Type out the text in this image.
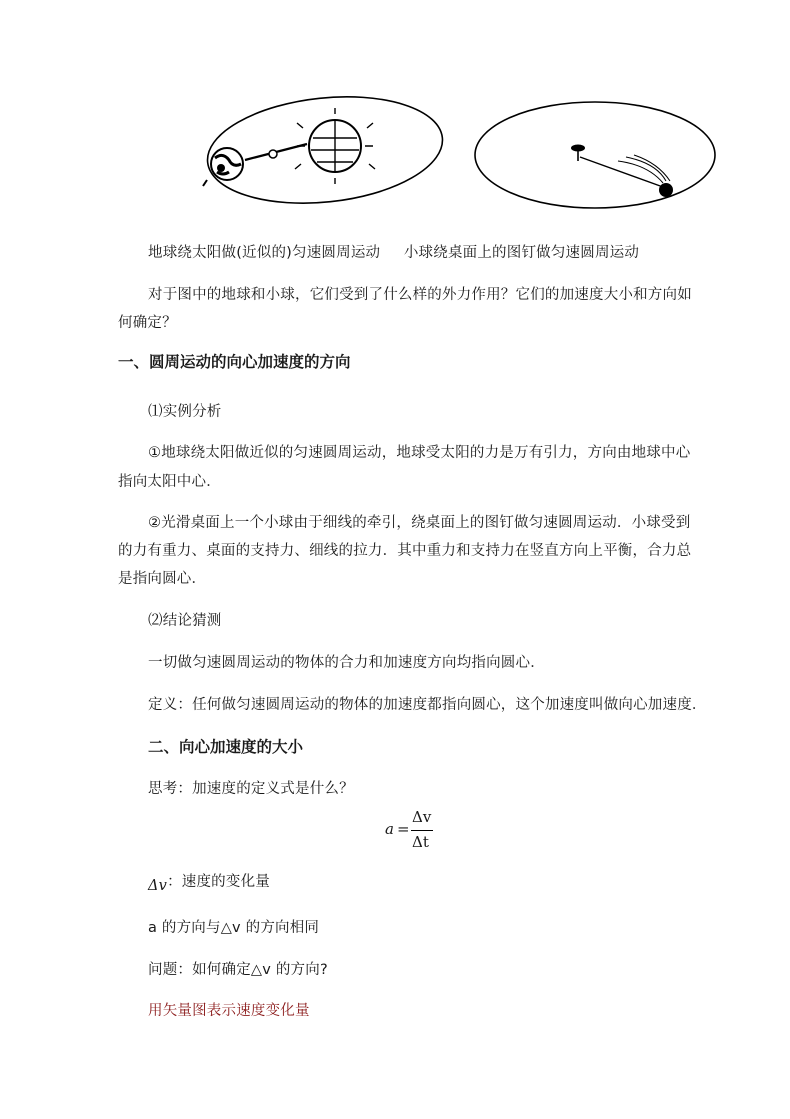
地球绕太阳做(近似的)匀速圆周运动 小球绕桌面上的图钉做匀速圆周运动
对于图中的地球和小球，它们受到了什么样的外力作用？它们的加速度大小和方向如
何确定？
一、圆周运动的向心加速度的方向
⑴实例分析
①地球绕太阳做近似的匀速圆周运动，地球受太阳的力是万有引力，方向由地球中心
指向太阳中心．
②光滑桌面上一个小球由于细线的牵引，绕桌面上的图钉做匀速圆周运动．小球受到
的力有重力、桌面的支持力、细线的拉力．其中重力和支持力在竖直方向上平衡，合力总
是指向圆心．
⑵结论猜测
一切做匀速圆周运动的物体的合力和加速度方向均指向圆心．
定义：任何做匀速圆周运动的物体的加速度都指向圆心，这个加速度叫做向心加速度．
二、向心加速度的大小
思考：加速度的定义式是什么？
a =
Δv
Δt
Δv：速度的变化量
a 的方向与△v 的方向相同
问题：如何确定△v 的方向?
用矢量图表示速度变化量
